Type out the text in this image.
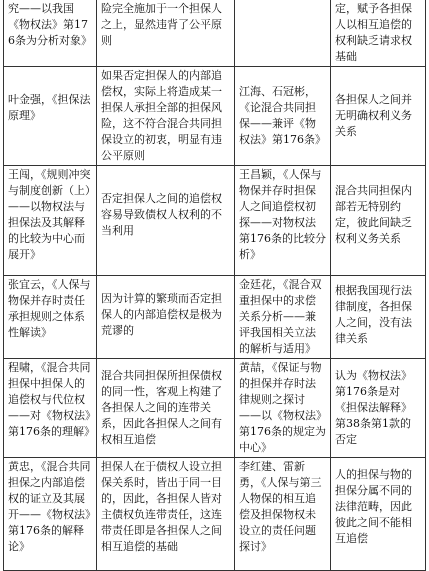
究——以我国《物权法》第176条为分析对象》	险完全施加于一个担保人之上，显然违背了公平原则		定，赋予各担保人以相互追偿的权利缺乏请求权基础

叶金强，《担保法原理》	如果否定担保人的内部追偿权，实际上将造成某一担保人承担全部的担保风险，这不符合混合共同担保设立的初衷，明显有违公平原则	江海、石冠彬，《论混合共同担保——兼评《物权法》第176条》	各担保人之间并无明确权利义务关系

王闯，《规则冲突与制度创新（上）——以物权法与担保法及其解释的比较为中心而展开》	否定担保人之间的追偿权容易导致债权人权利的不当利用	王昌颖，《人保与物保并存时担保人之间追偿权初探——对物权法第176条的比较分析》	混合共同担保内部若无特别约定，彼此间缺乏权利义务关系

张宜云，《人保与物保并存时责任承担规则之体系性解读》	因为计算的繁琐而否定担保人的内部追偿权是极为荒谬的	金廷花，《混合双重担保中的求偿关系分析——兼评我国相关立法的解析与适用》	根据我国现行法律制度，各担保人之间，没有法律关系

程啸，《混合共同担保中担保人的追偿权与代位权——对《物权法》第176条的理解》	混合共同担保所担保债权的同一性，客观上构建了各担保人之间的连带关系，因此各担保人之间有权相互追偿	黄喆，《保证与物的担保并存时法律规则之探讨——以《物权法》第176条的规定为中心》	认为《物权法》第176条是对《担保法解释》第38条第1款的否定

黄忠，《混合共同担保之内部追偿权的证立及其展开——《物权法》第176条的解释论》	担保人在于债权人设立担保关系时，皆出于同一目的，因此，各担保人皆对主债权负连带责任，这连带责任即是各担保人之间相互追偿的基础	李红建、雷新勇，《人保与第三人物保的相互追偿及担保物权未设立的责任问题探讨》	人的担保与物的担保分属不同的法律范畴，因此彼此之间不能相互追偿
